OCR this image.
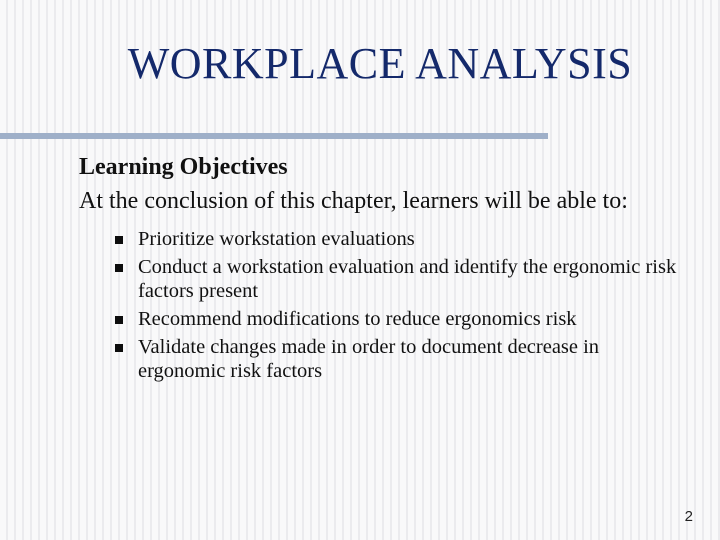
WORKPLACE ANALYSIS
Learning Objectives
At the conclusion of this chapter, learners will be able to:
Prioritize workstation evaluations
Conduct a workstation evaluation and identify the ergonomic risk factors present
Recommend modifications to reduce ergonomics risk
Validate changes made in order to document decrease in ergonomic risk factors
2
